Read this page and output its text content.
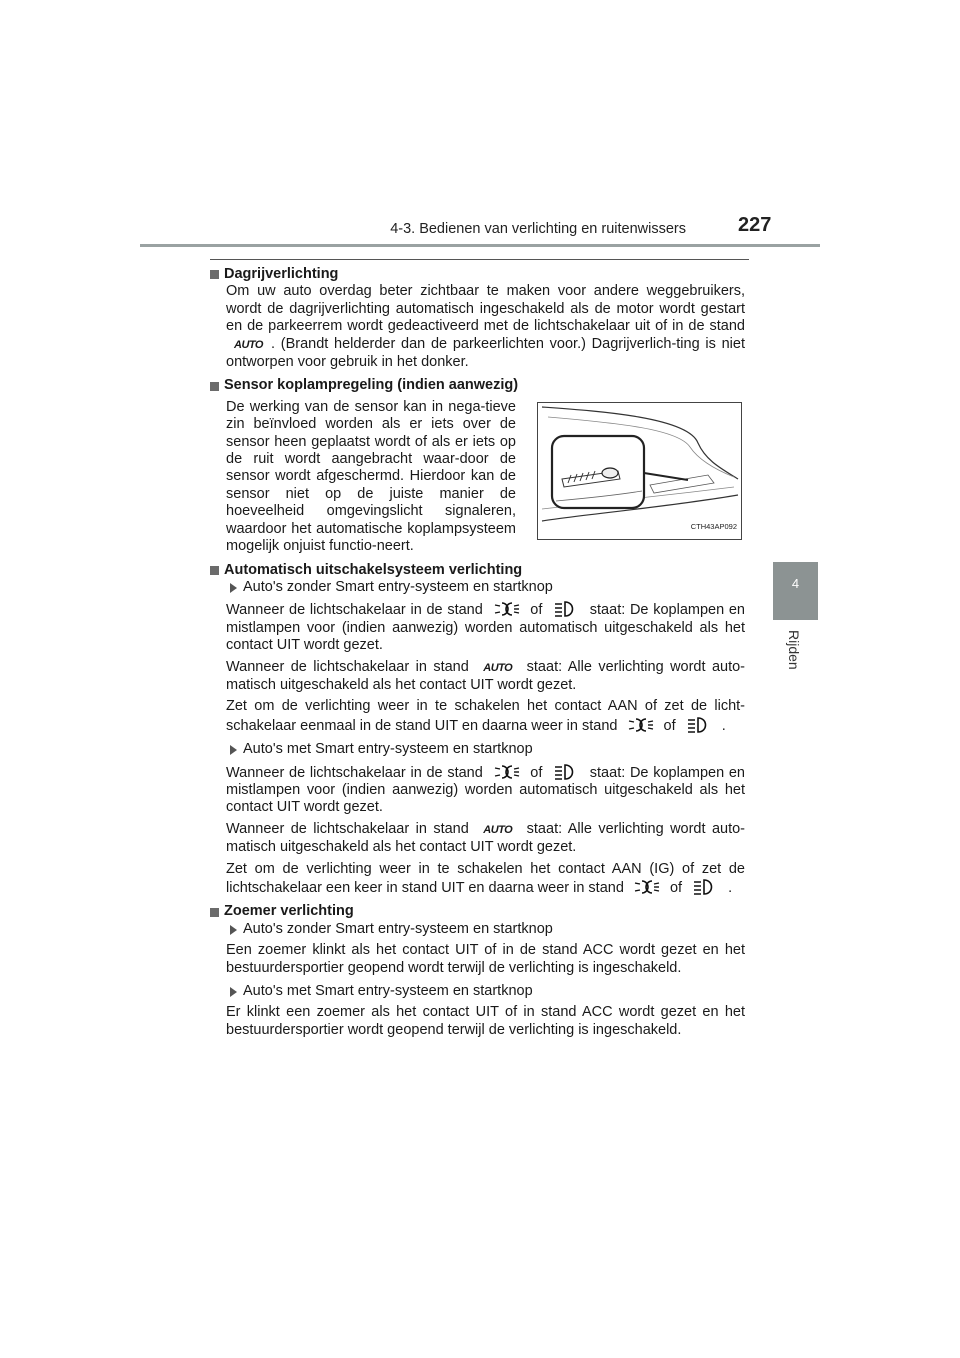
4-3. Bedienen van verlichting en ruitenwissers	227
4
Rijden

Dagrijverlichting

Om uw auto overdag beter zichtbaar te maken voor andere weggebruikers, wordt de dagrijverlichting automatisch ingeschakeld als de motor wordt gestart en de parkeerrem wordt gedeactiveerd met de lichtschakelaar uit of in de stand AUTO . (Brandt helderder dan de parkeerlichten voor.) Dagrijverlich-ting is niet ontworpen voor gebruik in het donker.

Sensor koplampregeling (indien aanwezig)

De werking van de sensor kan in nega-tieve zin beïnvloed worden als er iets over de sensor heen geplaatst wordt of als er iets op de ruit wordt aangebracht waar-door de sensor wordt afgeschermd. Hierdoor kan de sensor niet op de juiste manier de hoeveelheid omgevingslicht signaleren, waardoor het automatische koplampsysteem mogelijk onjuist functio-neert.

CTH43AP092

Automatisch uitschakelsysteem verlichting

Auto's zonder Smart entry-systeem en startknop

Wanneer de lichtschakelaar in de stand	of	staat: De koplampen en mistlampen voor (indien aanwezig) worden automatisch uitgeschakeld als het contact UIT wordt gezet.

Wanneer de lichtschakelaar in stand AUTO staat: Alle verlichting wordt auto-matisch uitgeschakeld als het contact UIT wordt gezet.

Zet om de verlichting weer in te schakelen het contact AAN of zet de licht-schakelaar eenmaal in de stand UIT en daarna weer in stand	of	.

Auto's met Smart entry-systeem en startknop

Wanneer de lichtschakelaar in de stand	of	staat: De koplampen en mistlampen voor (indien aanwezig) worden automatisch uitgeschakeld als het contact UIT wordt gezet.

Wanneer de lichtschakelaar in stand AUTO staat: Alle verlichting wordt auto-matisch uitgeschakeld als het contact UIT wordt gezet.

Zet om de verlichting weer in te schakelen het contact AAN (IG) of zet de lichtschakelaar een keer in stand UIT en daarna weer in stand	of	.

Zoemer verlichting

Auto's zonder Smart entry-systeem en startknop

Een zoemer klinkt als het contact UIT of in de stand ACC wordt gezet en het bestuurdersportier geopend wordt terwijl de verlichting is ingeschakeld.

Auto's met Smart entry-systeem en startknop

Er klinkt een zoemer als het contact UIT of in stand ACC wordt gezet en het bestuurdersportier wordt geopend terwijl de verlichting is ingeschakeld.
